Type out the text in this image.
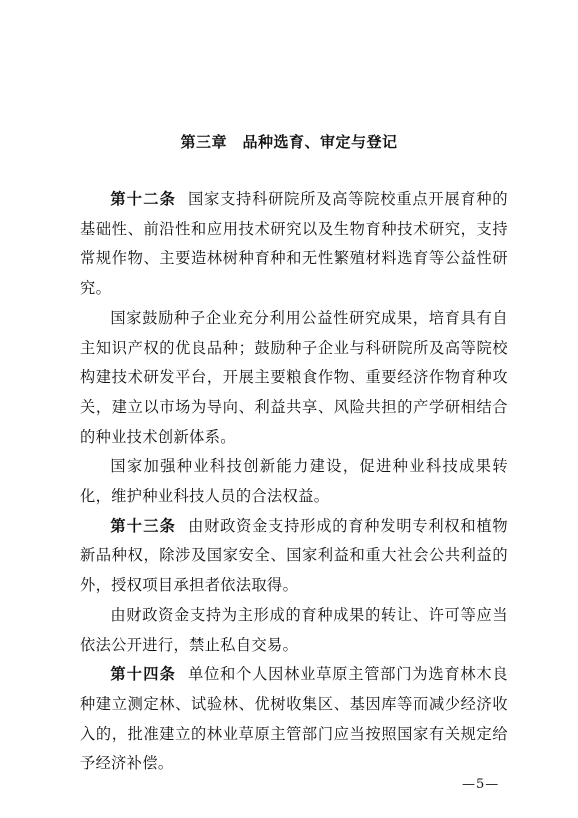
第三章　品种选育、审定与登记

第十二条 国家支持科研院所及高等院校重点开展育种的基础性、前沿性和应用技术研究以及生物育种技术研究，支持常规作物、主要造林树种育种和无性繁殖材料选育等公益性研究。

国家鼓励种子企业充分利用公益性研究成果，培育具有自主知识产权的优良品种；鼓励种子企业与科研院所及高等院校构建技术研发平台，开展主要粮食作物、重要经济作物育种攻关，建立以市场为导向、利益共享、风险共担的产学研相结合的种业技术创新体系。

国家加强种业科技创新能力建设，促进种业科技成果转化，维护种业科技人员的合法权益。

第十三条 由财政资金支持形成的育种发明专利权和植物新品种权，除涉及国家安全、国家利益和重大社会公共利益的外，授权项目承担者依法取得。

由财政资金支持为主形成的育种成果的转让、许可等应当依法公开进行，禁止私自交易。

第十四条 单位和个人因林业草原主管部门为选育林木良种建立测定林、试验林、优树收集区、基因库等而减少经济收入的，批准建立的林业草原主管部门应当按照国家有关规定给予经济补偿。

—5—
